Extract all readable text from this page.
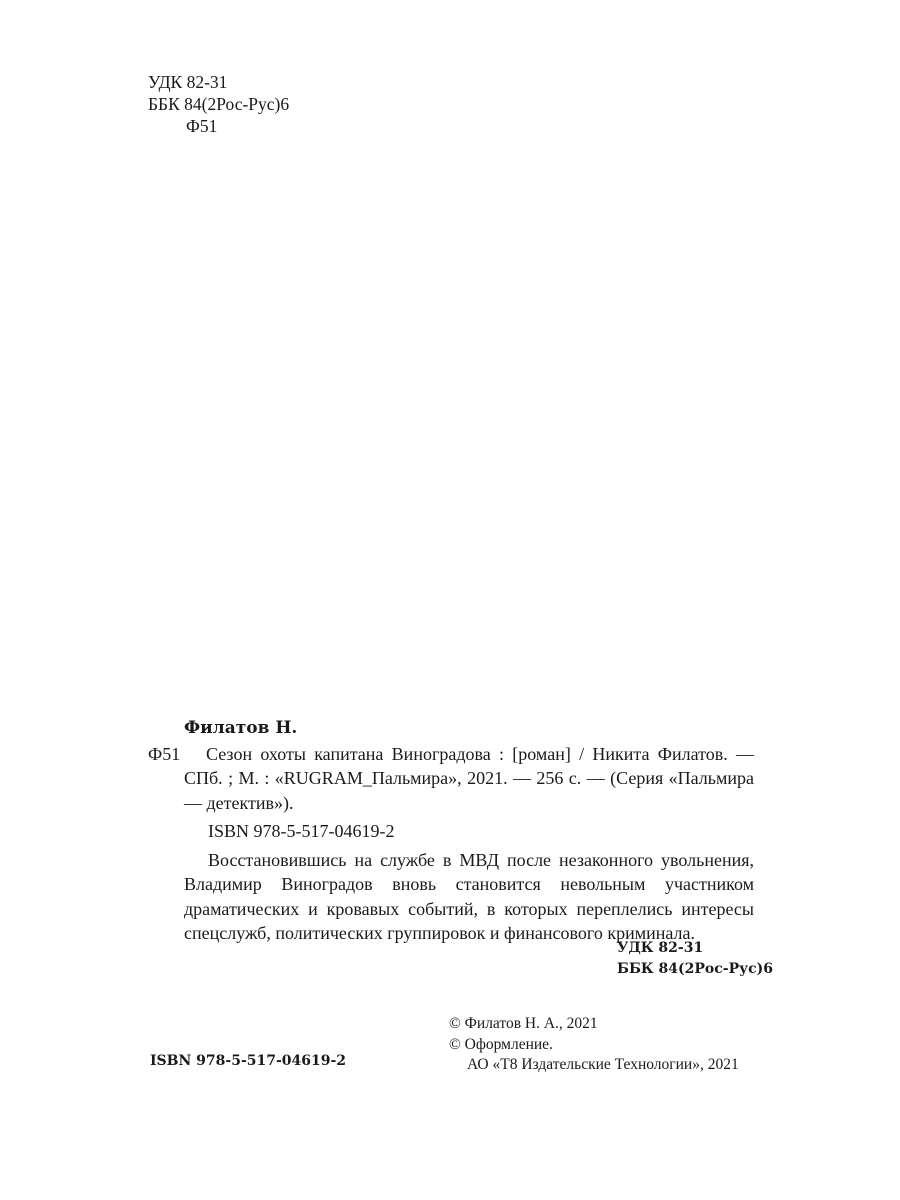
УДК 82-31
ББК 84(2Рос-Рус)6
Ф51
Филатов Н.
Ф51 Сезон охоты капитана Виноградова : [роман] / Никита Филатов. — СПб. ; М. : «RUGRAM_Пальмира», 2021. — 256 с. — (Серия «Пальмира — детектив»).
ISBN 978-5-517-04619-2
Восстановившись на службе в МВД после незаконного увольнения, Владимир Виноградов вновь становится невольным участником драматических и кровавых событий, в которых переплелись интересы спецслужб, политических группировок и финансового криминала.
УДК 82-31
ББК 84(2Рос-Рус)6
© Филатов Н. А., 2021
© Оформление.
АО «Т8 Издательские Технологии», 2021
ISBN 978-5-517-04619-2
